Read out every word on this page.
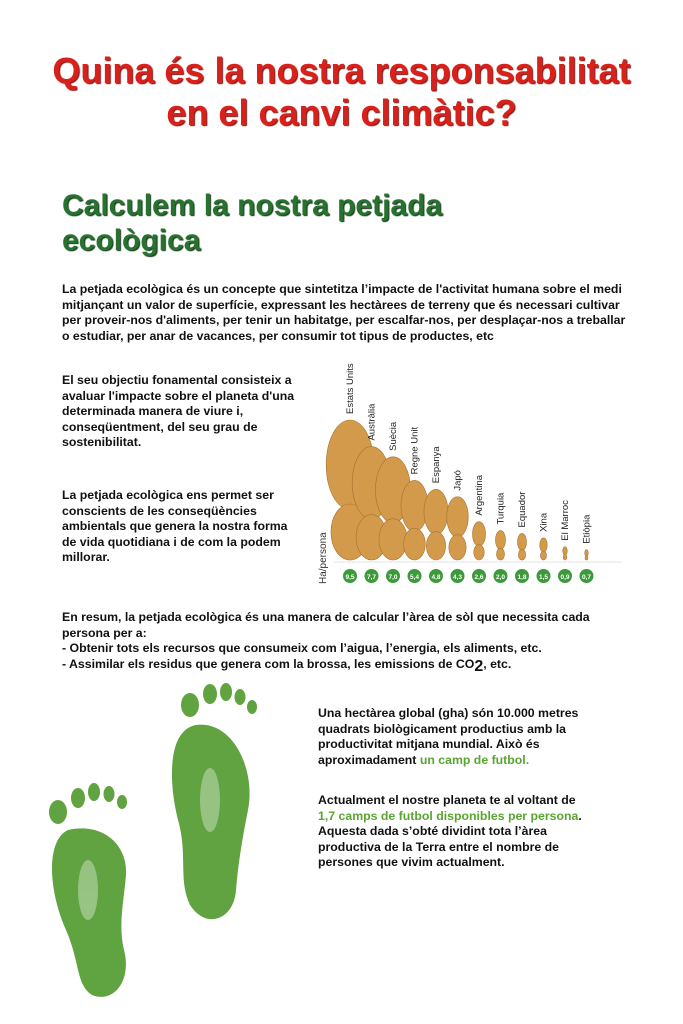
Quina és la nostra responsabilitat en el canvi climàtic?
Calculem la nostra petjada ecològica

La petjada ecològica és un concepte que sintetitza l’impacte de l'activitat humana sobre el medi mitjançant un valor de superfície, expressant les hectàrees de terreny que és necessari cultivar per proveir-nos d'aliments, per tenir un habitatge, per escalfar-nos, per desplaçar-nos a treballar o estudiar, per anar de vacances, per consumir tot tipus de productes, etc

El seu objectiu fonamental consisteix a avaluar l'impacte sobre el planeta d'una determinada manera de viure i, conseqüentment, del seu grau de sostenibilitat.

La petjada ecològica ens permet ser conscients de les conseqüències ambientals que genera la nostra forma de vida quotidiana i de com la podem millorar.

En resum, la petjada ecològica és una manera de calcular l’àrea de sòl que necessita cada persona per a:
- Obtenir tots els recursos que consumeix com l’aigua, l’energia, els aliments, etc.
- Assimilar els residus que genera com la brossa, les emissions de $CO_2$, etc.
Ha/persona
Estats Units
9,5
Austràlia
7,7
Suècia
7,0
Regne Unit
5,4
Espanya
4,8
Japó
4,3
Argentina
2,6
Turquia
2,0
Equador
1,8
Xina
1,5
El Marroc
0,9
Etiòpia
0,7
Una hectàrea global (gha) són 10.000 metres quadrats biològicament productius amb la productivitat mitjana mundial. Això és aproximadament un camp de futbol.
Actualment el nostre planeta te al voltant de 1,7 camps de futbol disponibles per persona. Aquesta dada s’obté dividint tota l’àrea productiva de la Terra entre el nombre de persones que vivim actualment.
